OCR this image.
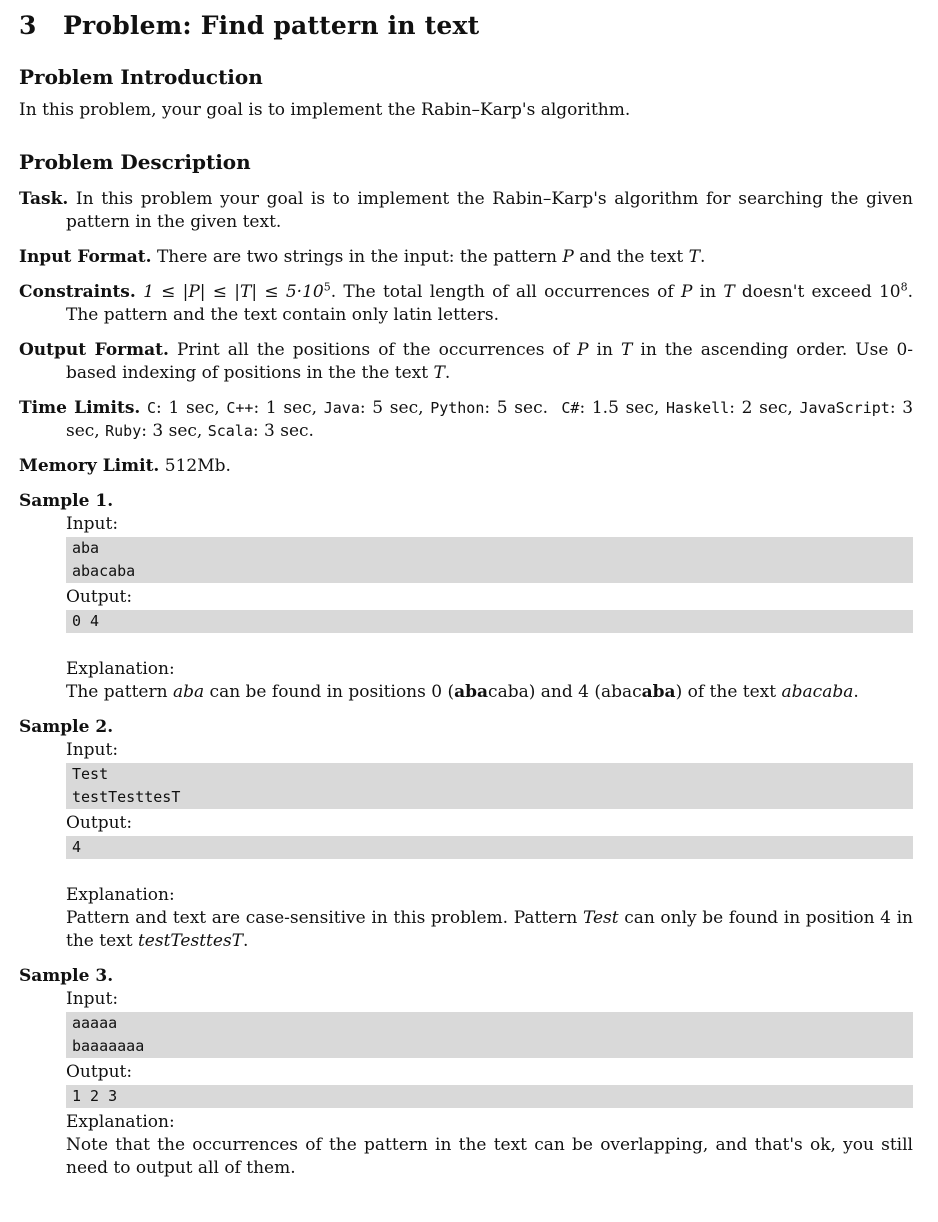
3 Problem: Find pattern in text
Problem Introduction
In this problem, your goal is to implement the Rabin–Karp's algorithm.
Problem Description
Task. In this problem your goal is to implement the Rabin–Karp's algorithm for searching the given pattern in the given text.
Input Format. There are two strings in the input: the pattern P and the text T.
Constraints. $1 \le |P| \le |T| \le 5\cdot 10^5$. The total length of all occurrences of P in T doesn't exceed $10^8$. The pattern and the text contain only latin letters.
Output Format. Print all the positions of the occurrences of P in T in the ascending order. Use 0-based indexing of positions in the the text T.
Time Limits. C: 1 sec, C++: 1 sec, Java: 5 sec, Python: 5 sec.  C#: 1.5 sec, Haskell: 2 sec, JavaScript: 3 sec, Ruby: 3 sec, Scala: 3 sec.
Memory Limit. 512Mb.
Sample 1.
Input:
aba
abacaba
Output:
0 4
Explanation:
The pattern aba can be found in positions 0 (abacaba) and 4 (abacaba) of the text abacaba.
Sample 2.
Input:
Test
testTesttesT
Output:
4
Explanation:
Pattern and text are case-sensitive in this problem. Pattern Test can only be found in position 4 in the text testTesttesT.
Sample 3.
Input:
aaaaa
baaaaaaa
Output:
1 2 3
Explanation:
Note that the occurrences of the pattern in the text can be overlapping, and that's ok, you still need to output all of them.
